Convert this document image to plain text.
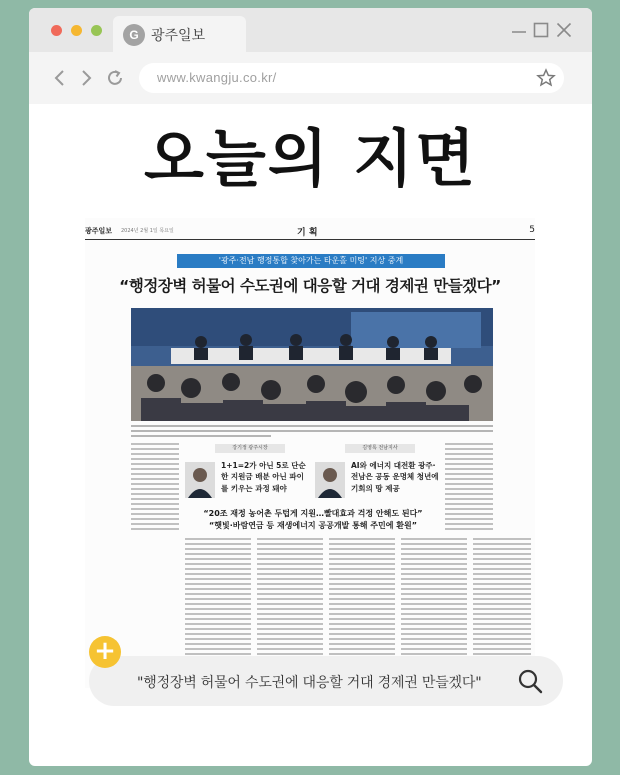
G 광주일보
www.kwangju.co.kr/
오늘의 지면
광주일보 2024년 2월 1일 목요일	기 획	5
'광주·전남 행정통합 찾아가는 타운홀 미팅' 지상 중계
“행정장벽 허물어 수도권에 대응할 거대 경제권 만들겠다”
강기정 광주시장
1+1=2가 아닌 5로 단순한 지원금 배분 아닌 파이를 키우는 과정 돼야
김영록 전남지사
AI와 에너지 대전환 광주·전남은 공동 운명체 청년에 기회의 땅 제공
“20조 재정 농어촌 두텁게 지원…빨대효과 걱정 안해도 된다”
“햇빛·바람연금 등 재생에너지 공공개발 통해 주민에 환원”
"행정장벽 허물어 수도권에 대응할 거대 경제권 만들겠다"
+
